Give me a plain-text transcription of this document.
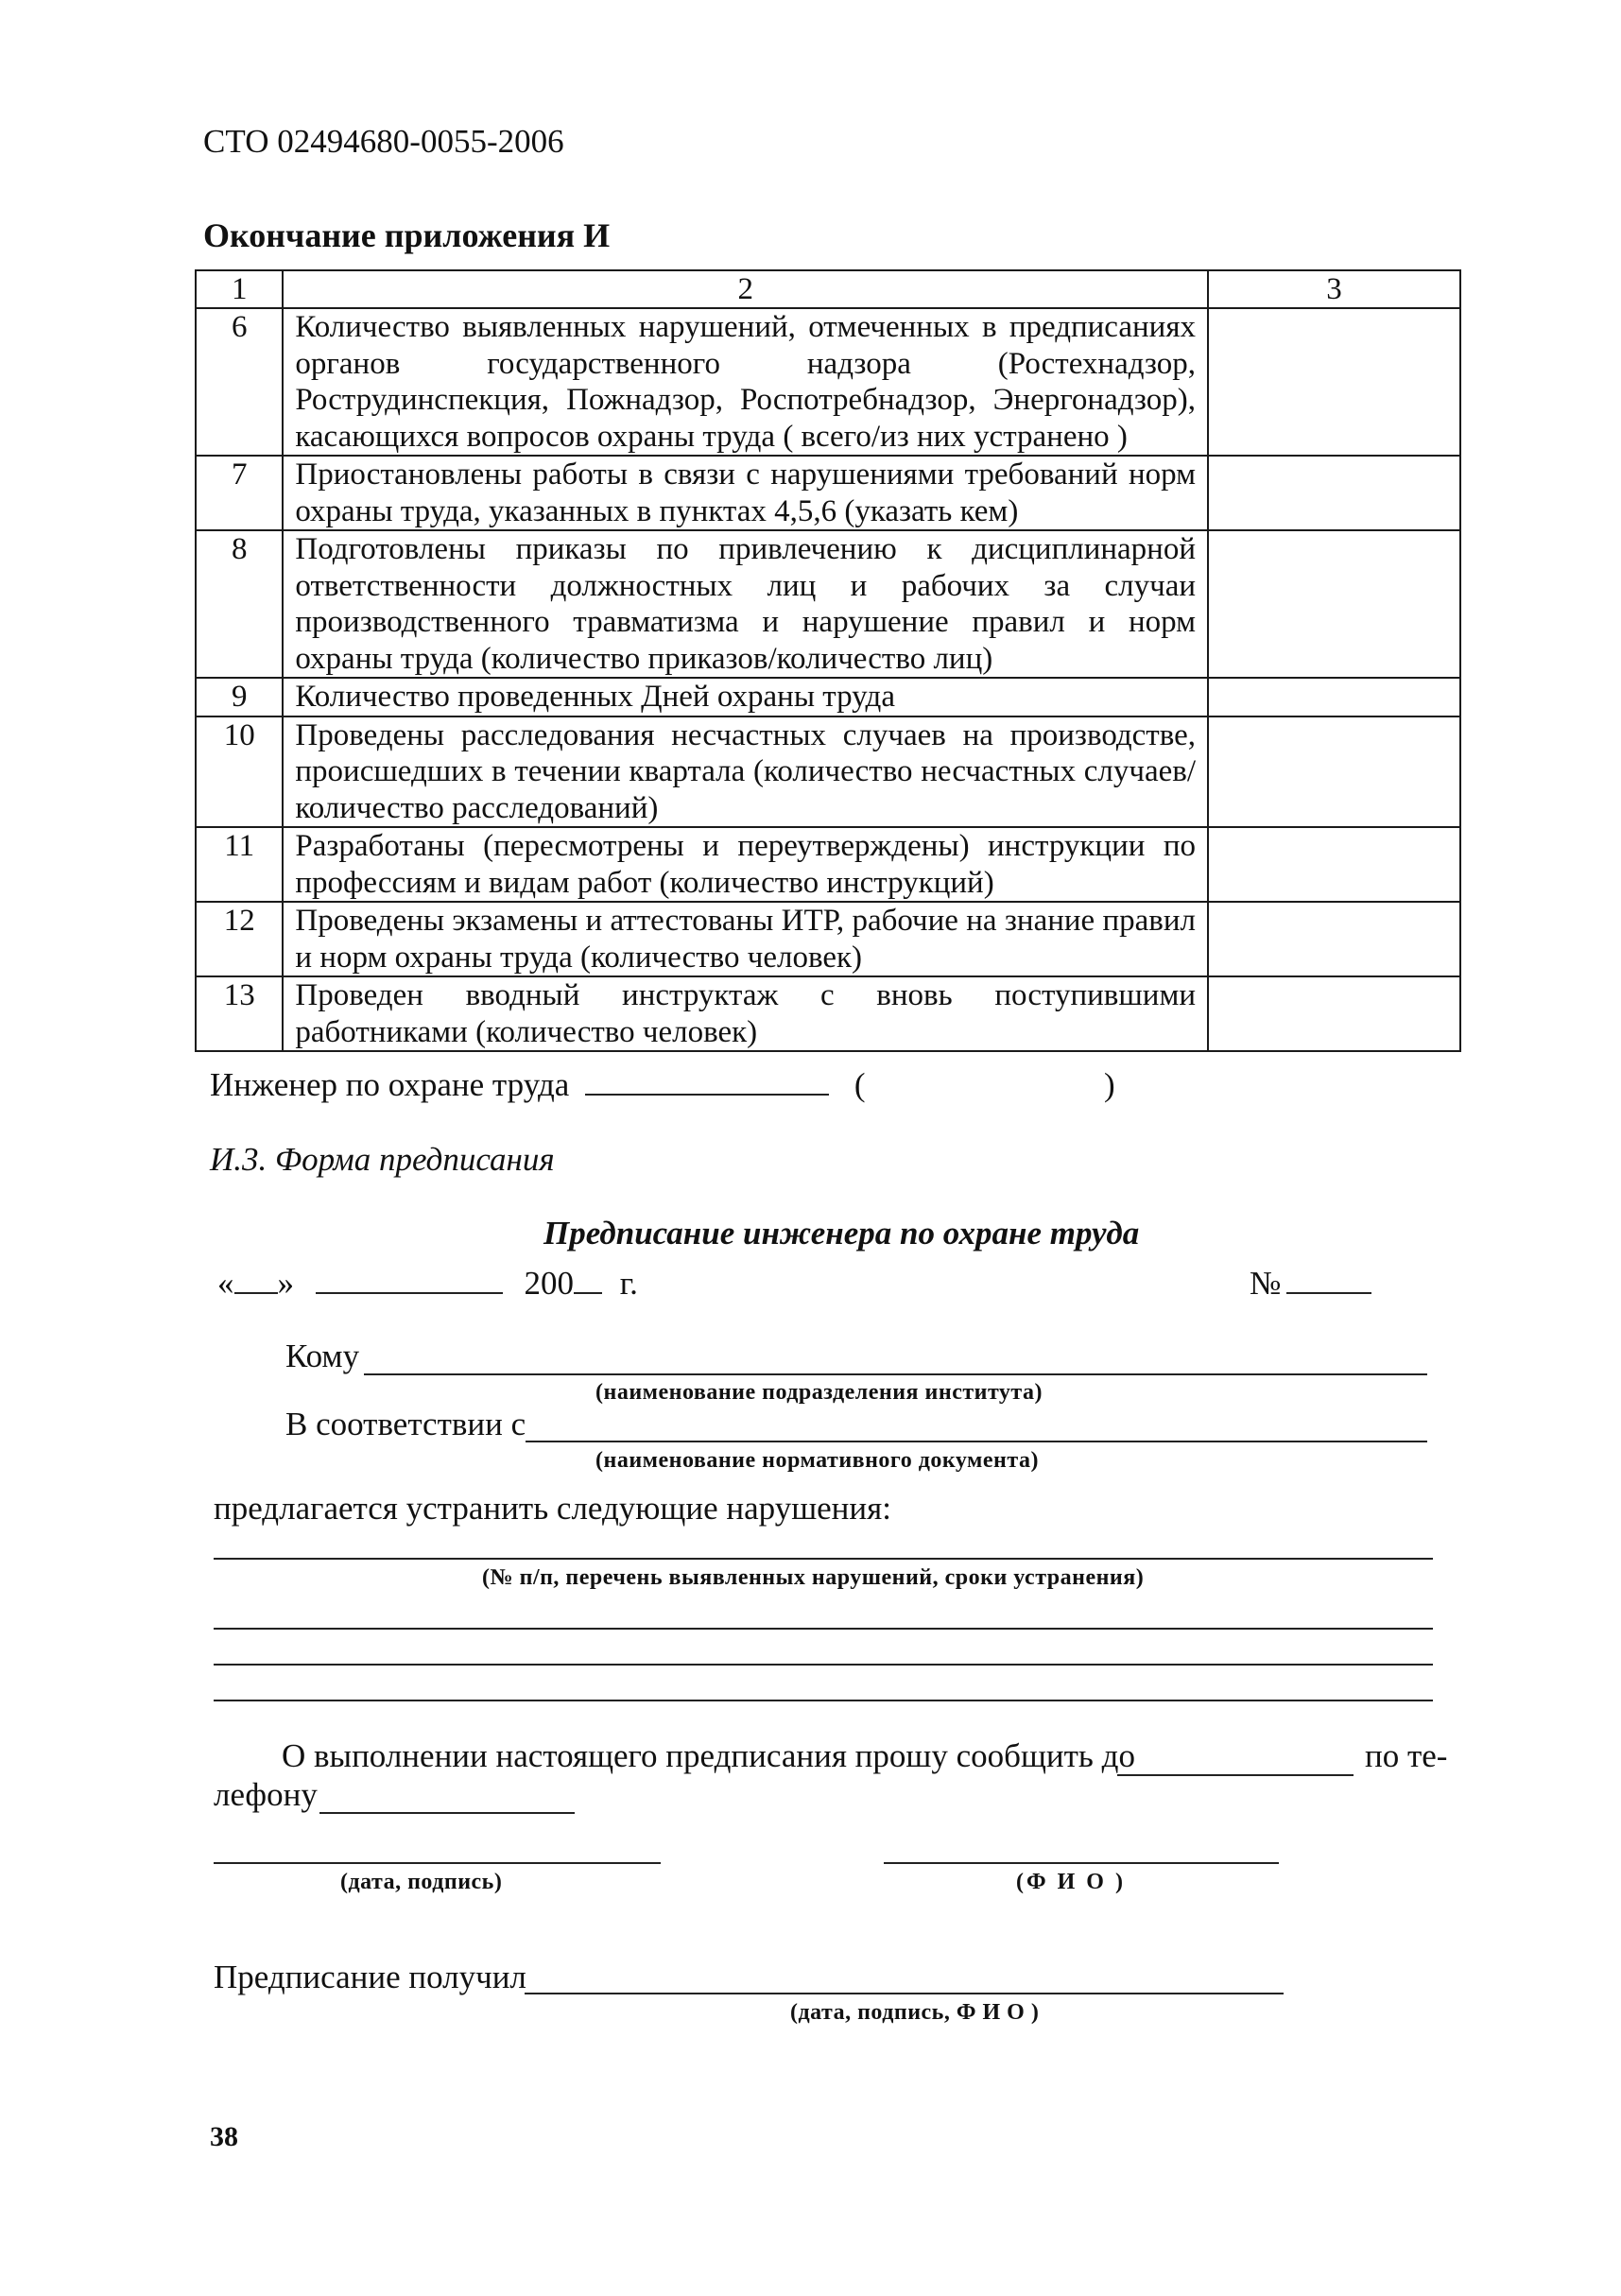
СТО 02494680-0055-2006
Окончание приложения И
1	2	3
6	Количество выявленных нарушений, отмеченных в предписаниях органов государственного надзора (Ростехнадзор, Рострудинспекция, Пожнадзор, Роспотребнадзор, Энергонадзор), касающихся вопросов охраны труда ( всего/из них устранено )	
7	Приостановлены работы в связи с нарушениями требований норм охраны труда, указанных в пунктах 4,5,6 (указать кем)	
8	Подготовлены приказы по привлечению к дисциплинарной ответственности должностных лиц и рабочих за случаи производственного травматизма и нарушение правил и норм охраны труда (количество приказов/количество лиц)	
9	Количество проведенных Дней охраны труда	
10	Проведены расследования несчастных случаев на производстве, происшедших в течении квартала (количество несчастных случаев/количество расследований)	
11	Разработаны (пересмотрены и переутверждены) инструкции по профессиям и видам работ (количество инструкций)	
12	Проведены экзамены и аттестованы ИТР, рабочие на знание правил и норм охраны труда (количество человек)	
13	Проведен вводный инструктаж с вновь поступившими работниками (количество человек)	
Инженер по охране труда	(	)
И.3. Форма предписания
Предписание инженера по охране труда
« »	200 г.	№
Кому
(наименование подразделения института)
В соответствии с
(наименование нормативного документа)
предлагается устранить следующие нарушения:
(№ п/п, перечень выявленных нарушений, сроки устранения)
О выполнении настоящего предписания прошу сообщить до	по те-
лефону
(дата, подпись)	(Ф И О )
Предписание получил
(дата, подпись, Ф И О )
38
